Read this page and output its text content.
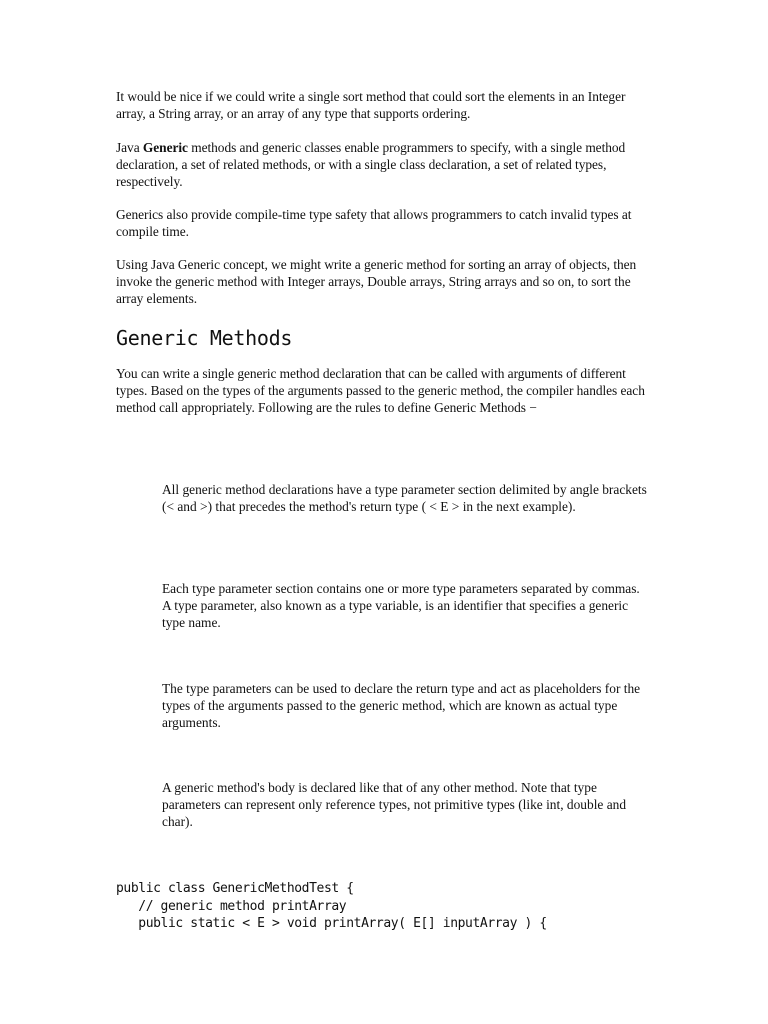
It would be nice if we could write a single sort method that could sort the elements in an Integer array, a String array, or an array of any type that supports ordering.

Java Generic methods and generic classes enable programmers to specify, with a single method declaration, a set of related methods, or with a single class declaration, a set of related types, respectively.

Generics also provide compile-time type safety that allows programmers to catch invalid types at compile time.

Using Java Generic concept, we might write a generic method for sorting an array of objects, then invoke the generic method with Integer arrays, Double arrays, String arrays and so on, to sort the array elements.

Generic Methods

You can write a single generic method declaration that can be called with arguments of different types. Based on the types of the arguments passed to the generic method, the compiler handles each method call appropriately. Following are the rules to define Generic Methods −

All generic method declarations have a type parameter section delimited by angle brackets (< and >) that precedes the method's return type ( < E > in the next example).

Each type parameter section contains one or more type parameters separated by commas. A type parameter, also known as a type variable, is an identifier that specifies a generic type name.

The type parameters can be used to declare the return type and act as placeholders for the types of the arguments passed to the generic method, which are known as actual type arguments.

A generic method's body is declared like that of any other method. Note that type parameters can represent only reference types, not primitive types (like int, double and char).

public class GenericMethodTest {
// generic method printArray
public static < E > void printArray( E[] inputArray ) {
